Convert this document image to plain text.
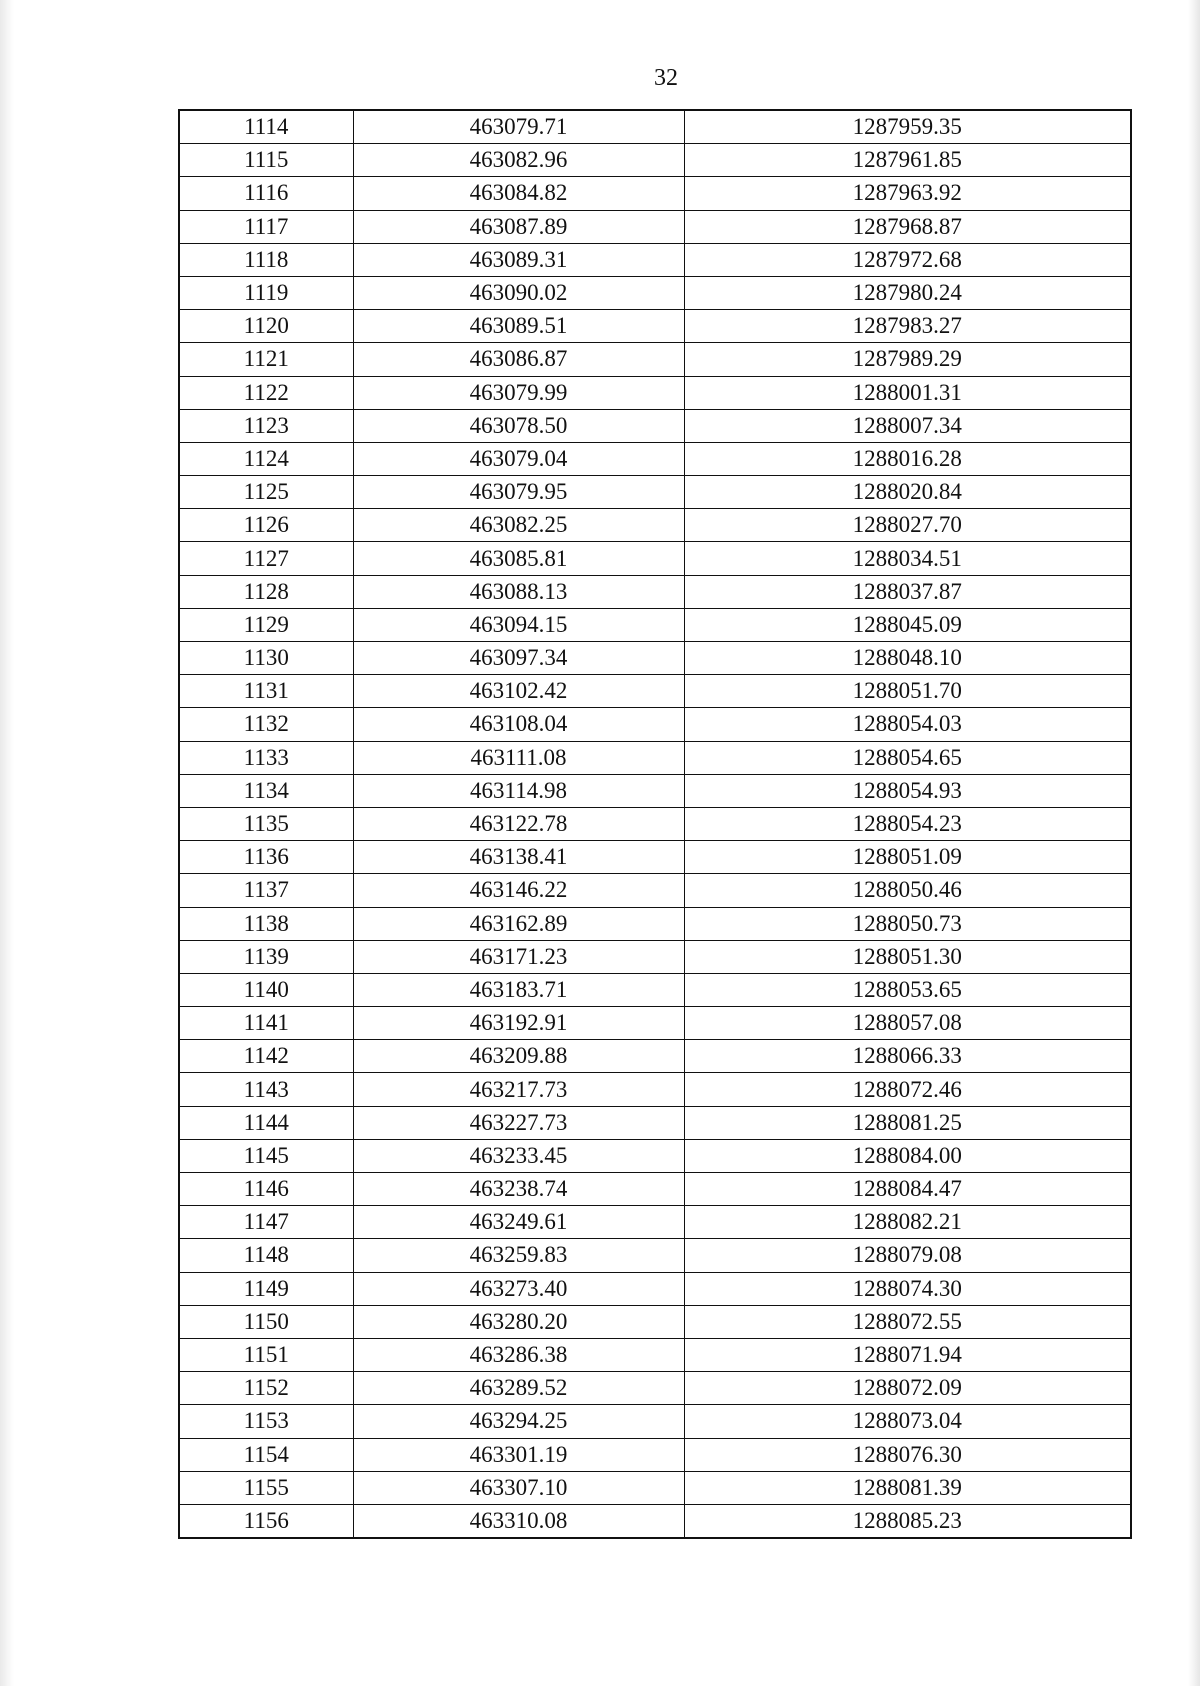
32
1114	463079.71	1287959.35
1115	463082.96	1287961.85
1116	463084.82	1287963.92
1117	463087.89	1287968.87
1118	463089.31	1287972.68
1119	463090.02	1287980.24
1120	463089.51	1287983.27
1121	463086.87	1287989.29
1122	463079.99	1288001.31
1123	463078.50	1288007.34
1124	463079.04	1288016.28
1125	463079.95	1288020.84
1126	463082.25	1288027.70
1127	463085.81	1288034.51
1128	463088.13	1288037.87
1129	463094.15	1288045.09
1130	463097.34	1288048.10
1131	463102.42	1288051.70
1132	463108.04	1288054.03
1133	463111.08	1288054.65
1134	463114.98	1288054.93
1135	463122.78	1288054.23
1136	463138.41	1288051.09
1137	463146.22	1288050.46
1138	463162.89	1288050.73
1139	463171.23	1288051.30
1140	463183.71	1288053.65
1141	463192.91	1288057.08
1142	463209.88	1288066.33
1143	463217.73	1288072.46
1144	463227.73	1288081.25
1145	463233.45	1288084.00
1146	463238.74	1288084.47
1147	463249.61	1288082.21
1148	463259.83	1288079.08
1149	463273.40	1288074.30
1150	463280.20	1288072.55
1151	463286.38	1288071.94
1152	463289.52	1288072.09
1153	463294.25	1288073.04
1154	463301.19	1288076.30
1155	463307.10	1288081.39
1156	463310.08	1288085.23
